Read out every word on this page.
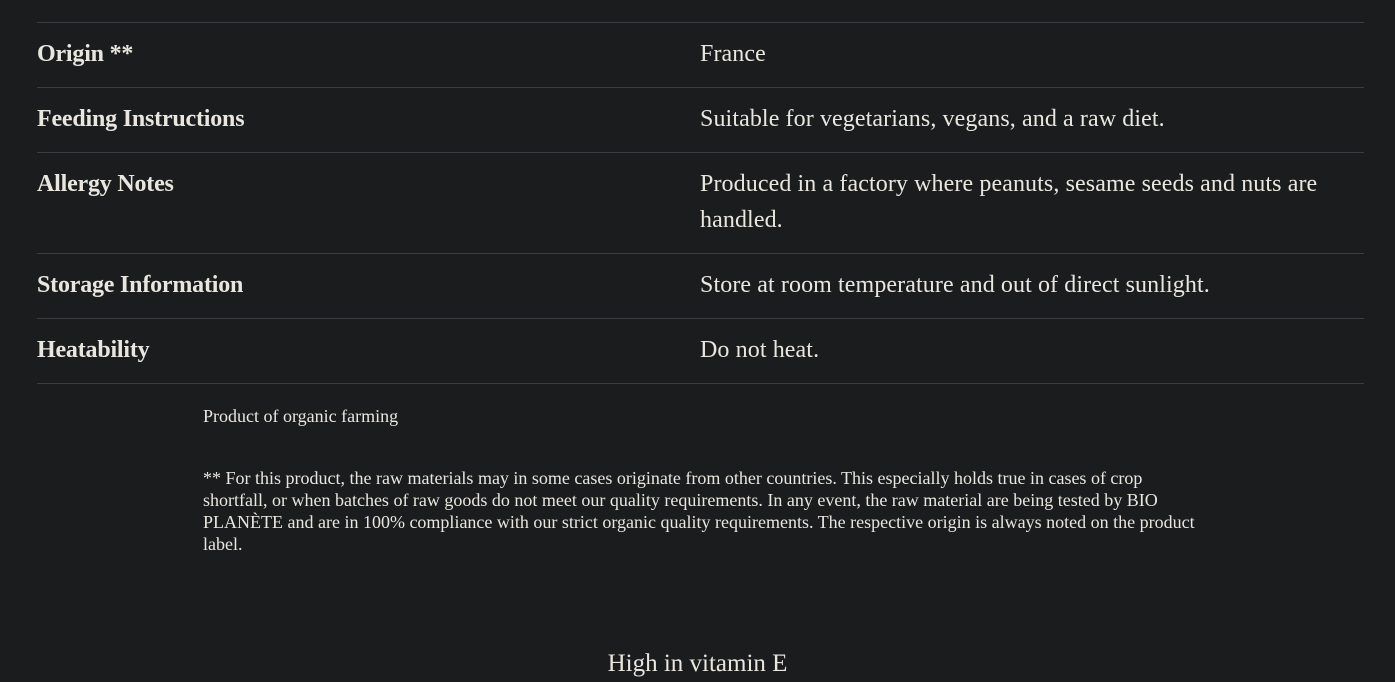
Origin **	France
Feeding Instructions	Suitable for vegetarians, vegans, and a raw diet.
Allergy Notes	Produced in a factory where peanuts, sesame seeds and nuts are handled.
Storage Information	Store at room temperature and out of direct sunlight.
Heatability	Do not heat.

Product of organic farming

** For this product, the raw materials may in some cases originate from other countries. This especially holds true in cases of crop shortfall, or when batches of raw goods do not meet our quality requirements. In any event, the raw material are being tested by BIO PLANÈTE and are in 100% compliance with our strict organic quality requirements. The respective origin is always noted on the product label.

High in vitamin E
